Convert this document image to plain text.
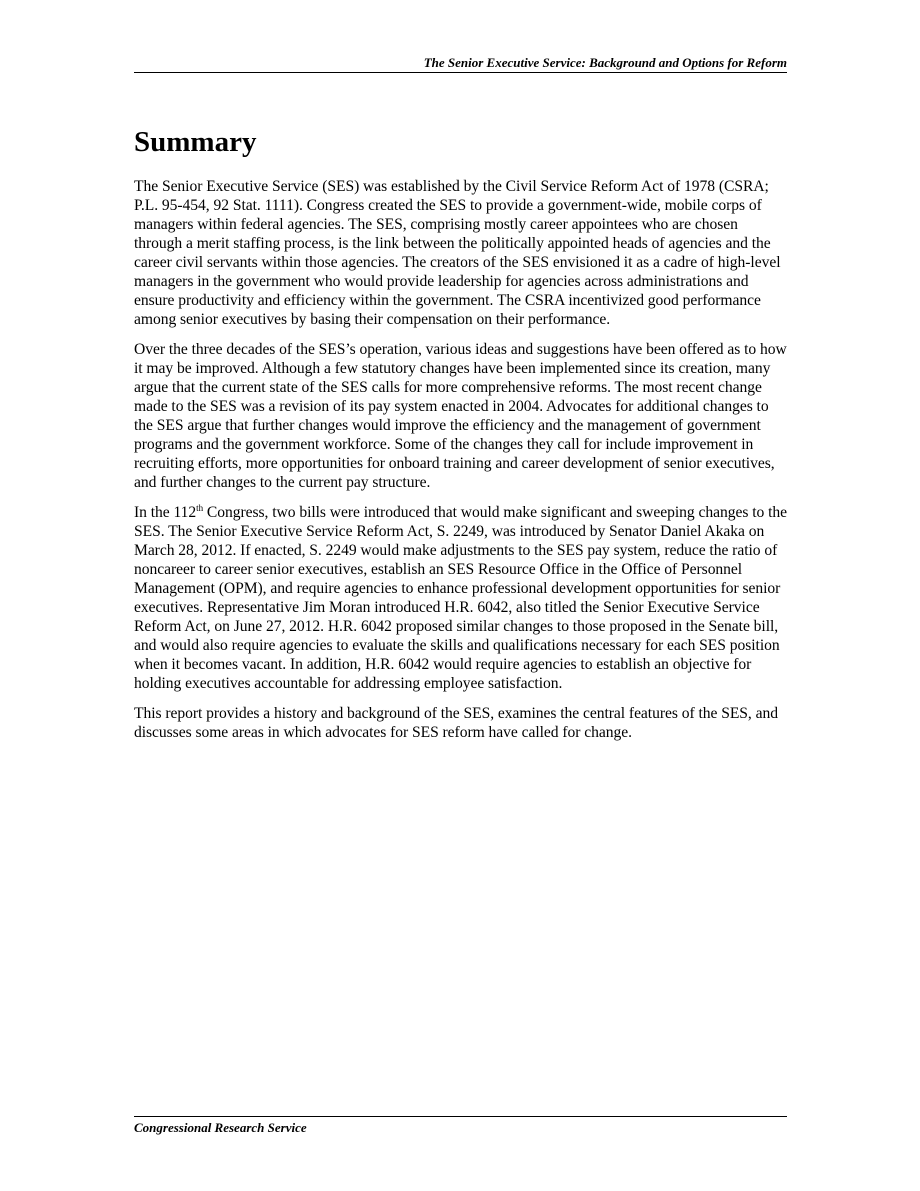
The Senior Executive Service: Background and Options for Reform
Summary

The Senior Executive Service (SES) was established by the Civil Service Reform Act of 1978 (CSRA; P.L. 95-454, 92 Stat. 1111). Congress created the SES to provide a government-wide, mobile corps of managers within federal agencies. The SES, comprising mostly career appointees who are chosen through a merit staffing process, is the link between the politically appointed heads of agencies and the career civil servants within those agencies. The creators of the SES envisioned it as a cadre of high-level managers in the government who would provide leadership for agencies across administrations and ensure productivity and efficiency within the government. The CSRA incentivized good performance among senior executives by basing their compensation on their performance.

Over the three decades of the SES’s operation, various ideas and suggestions have been offered as to how it may be improved. Although a few statutory changes have been implemented since its creation, many argue that the current state of the SES calls for more comprehensive reforms. The most recent change made to the SES was a revision of its pay system enacted in 2004. Advocates for additional changes to the SES argue that further changes would improve the efficiency and the management of government programs and the government workforce. Some of the changes they call for include improvement in recruiting efforts, more opportunities for onboard training and career development of senior executives, and further changes to the current pay structure.

In the 112th Congress, two bills were introduced that would make significant and sweeping changes to the SES. The Senior Executive Service Reform Act, S. 2249, was introduced by Senator Daniel Akaka on March 28, 2012. If enacted, S. 2249 would make adjustments to the SES pay system, reduce the ratio of noncareer to career senior executives, establish an SES Resource Office in the Office of Personnel Management (OPM), and require agencies to enhance professional development opportunities for senior executives. Representative Jim Moran introduced H.R. 6042, also titled the Senior Executive Service Reform Act, on June 27, 2012. H.R. 6042 proposed similar changes to those proposed in the Senate bill, and would also require agencies to evaluate the skills and qualifications necessary for each SES position when it becomes vacant. In addition, H.R. 6042 would require agencies to establish an objective for holding executives accountable for addressing employee satisfaction.

This report provides a history and background of the SES, examines the central features of the SES, and discusses some areas in which advocates for SES reform have called for change.

Congressional Research Service
